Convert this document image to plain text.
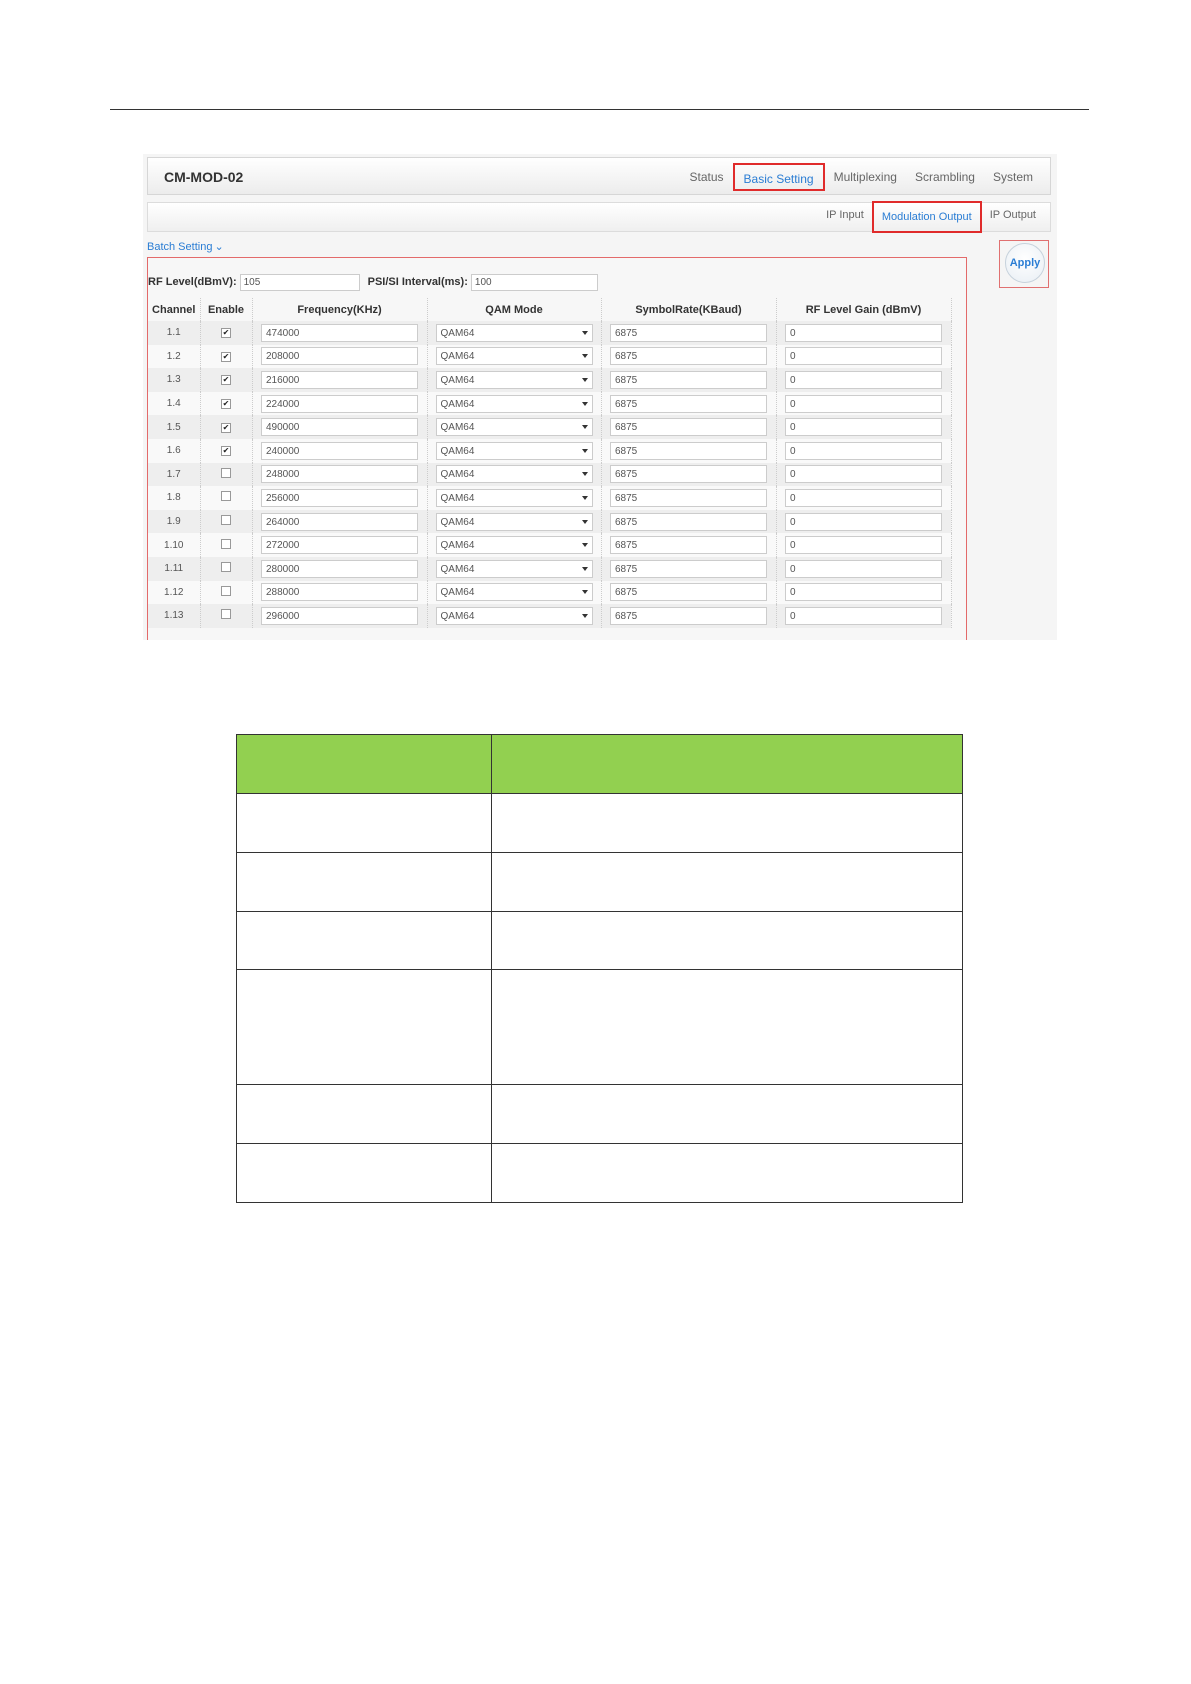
CM-MOD-02	Status	Basic Setting	Multiplexing	Scrambling	System
IP Input	Modulation Output	IP Output
Batch Setting ⌄
Apply
RF Level(dBmV):
105	PSI/SI Interval(ms):
100
Channel	Enable	Frequency(KHz)	QAM Mode	SymbolRate(KBaud)	RF Level Gain (dBmV)
1.1	✔	474000	QAM64	6875	0

1.2	✔	208000	QAM64	6875	0

1.3	✔	216000	QAM64	6875	0

1.4	✔	224000	QAM64	6875	0

1.5	✔	490000	QAM64	6875	0

1.6	✔	240000	QAM64	6875	0

1.7		248000	QAM64	6875	0

1.8		256000	QAM64	6875	0

1.9		264000	QAM64	6875	0

1.10		272000	QAM64	6875	0

1.11		280000	QAM64	6875	0

1.12		288000	QAM64	6875	0

1.13		296000	QAM64	6875	0
